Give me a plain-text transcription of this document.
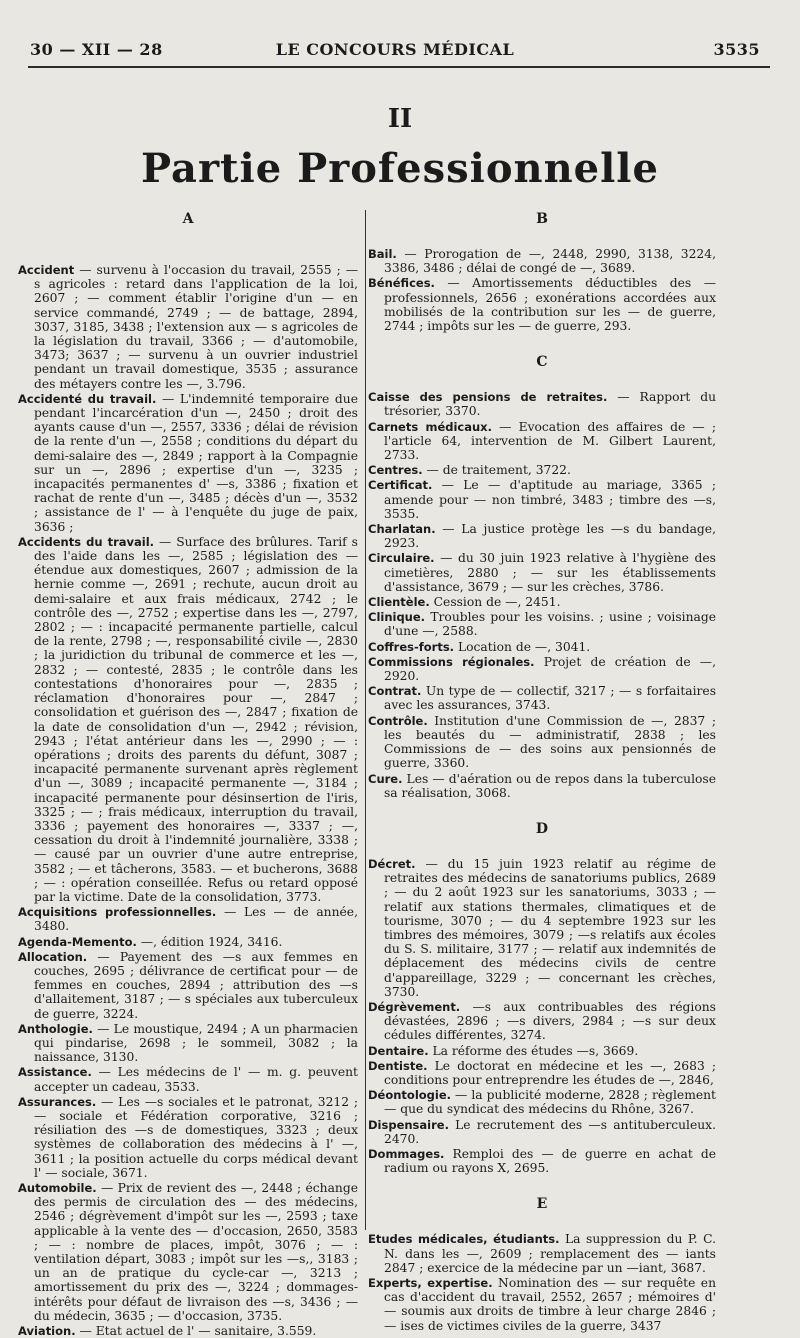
30 — XII — 28	LE CONCOURS MÉDICAL	3535
II
Partie Professionnelle
A

Accident — survenu à l'occasion du travail, 2555 ; — s agricoles : retard dans l'application de la loi, 2607 ; — comment établir l'origine d'un — en service commandé, 2749 ; — de battage, 2894, 3037, 3185, 3438 ; l'extension aux — s agricoles de la législation du travail, 3366 ; — d'automobile, 3473; 3637 ; — survenu à un ouvrier industriel pendant un travail domestique, 3535 ; assurance des métayers contre les —, 3.796.

Accidenté du travail. — L'indemnité temporaire due pendant l'incarcération d'un —, 2450 ; droit des ayants cause d'un —, 2557, 3336 ; délai de révision de la rente d'un —, 2558 ; conditions du départ du demi-salaire des —, 2849 ; rapport à la Compagnie sur un —, 2896 ; expertise d'un —, 3235 ; incapacités permanentes d' —s, 3386 ; fixation et rachat de rente d'un —, 3485 ; décès d'un —, 3532 ; assistance de l' — à l'enquête du juge de paix, 3636 ;

Accidents du travail. — Surface des brûlures. Tarif s des l'aide dans les —, 2585 ; législation des — étendue aux domestiques, 2607 ; admission de la hernie comme —, 2691 ; rechute, aucun droit au demi-salaire et aux frais médicaux, 2742 ; le contrôle des —, 2752 ; expertise dans les —, 2797, 2802 ; — : incapacité permanente partielle, calcul de la rente, 2798 ; —, responsabilité civile —, 2830 ; la juridiction du tribunal de commerce et les —, 2832 ; — contesté, 2835 ; le contrôle dans les contestations d'honoraires pour —, 2835 ; réclamation d'honoraires pour —, 2847 ; consolidation et guérison des —, 2847 ; fixation de la date de consolidation d'un —, 2942 ; révision, 2943 ; l'état antérieur dans les —, 2990 ; — : opérations ; droits des parents du défunt, 3087 ; incapacité permanente survenant après règlement d'un —, 3089 ; incapacité permanente —, 3184 ; incapacité permanente pour désinsertion de l'iris, 3325 ; — ; frais médicaux, interruption du travail, 3336 ; payement des honoraires —, 3337 ; —, cessation du droit à l'indemnité journalière, 3338 ; — causé par un ouvrier d'une autre entreprise, 3582 ; — et tâcherons, 3583. — et bucherons, 3688 ; — : opération conseillée. Refus ou retard opposé par la victime. Date de la consolidation, 3773.

Acquisitions professionnelles. — Les — de année, 3480.

Agenda-Memento. —, édition 1924, 3416.

Allocation. — Payement des —s aux femmes en couches, 2695 ; délivrance de certificat pour — de femmes en couches, 2894 ; attribution des —s d'allaitement, 3187 ; — s spéciales aux tuberculeux de guerre, 3224.

Anthologie. — Le moustique, 2494 ; A un pharmacien qui pindarise, 2698 ; le sommeil, 3082 ; la naissance, 3130.

Assistance. — Les médecins de l' — m. g. peuvent accepter un cadeau, 3533.

Assurances. — Les —s sociales et le patronat, 3212 ; — sociale et Fédération corporative, 3216 ; résiliation des —s de domestiques, 3323 ; deux systèmes de collaboration des médecins à l' —, 3611 ; la position actuelle du corps médical devant l' — sociale, 3671.

Automobile. — Prix de revient des —, 2448 ; échange des permis de circulation des — des médecins, 2546 ; dégrèvement d'impôt sur les —, 2593 ; taxe applicable à la vente des — d'occasion, 2650, 3583 ; — : nombre de places, impôt, 3076 ; — : ventilation départ, 3083 ; impôt sur les —s,, 3183 ; un an de pratique du cycle-car —, 3213 ; amortissement du prix des —, 3224 ; dommages-intérêts pour défaut de livraison des —s, 3436 ; — du médecin, 3635 ; — d'occasion, 3735.

Aviation. — Etat actuel de l' — sanitaire, 3.559.

B

Bail. — Prorogation de —, 2448, 2990, 3138, 3224, 3386, 3486 ; délai de congé de —, 3689.

Bénéfices. — Amortissements déductibles des — professionnels, 2656 ; exonérations accordées aux mobilisés de la contribution sur les — de guerre, 2744 ; impôts sur les — de guerre, 293.

C

Caisse des pensions de retraites. — Rapport du trésorier, 3370.

Carnets médicaux. — Evocation des affaires de — ; l'article 64, intervention de M. Gilbert Laurent, 2733.

Centres. — de traitement, 3722.

Certificat. — Le — d'aptitude au mariage, 3365 ; amende pour — non timbré, 3483 ; timbre des —s, 3535.

Charlatan. — La justice protège les —s du bandage, 2923.

Circulaire. — du 30 juin 1923 relative à l'hygiène des cimetières, 2880 ; — sur les établissements d'assistance, 3679 ; — sur les crèches, 3786.

Clientèle. Cession de —, 2451.

Clinique. Troubles pour les voisins. ; usine ; voisinage d'une —, 2588.

Coffres-forts. Location de —, 3041.

Commissions régionales. Projet de création de —, 2920.

Contrat. Un type de — collectif, 3217 ; — s forfaitaires avec les assurances, 3743.

Contrôle. Institution d'une Commission de —, 2837 ; les beautés du — administratif, 2838 ; les Commissions de — des soins aux pensionnés de guerre, 3360.

Cure. Les — d'aération ou de repos dans la tuberculose sa réalisation, 3068.

D

Décret. — du 15 juin 1923 relatif au régime de retraites des médecins de sanatoriums publics, 2689 ; — du 2 août 1923 sur les sanatoriums, 3033 ; — relatif aux stations thermales, climatiques et de tourisme, 3070 ; — du 4 septembre 1923 sur les timbres des mémoires, 3079 ; —s relatifs aux écoles du S. S. militaire, 3177 ; — relatif aux indemnités de déplacement des médecins civils de centre d'appareillage, 3229 ; — concernant les crèches, 3730.

Dégrèvement. —s aux contribuables des régions dévastées, 2896 ; —s divers, 2984 ; —s sur deux cédules différentes, 3274.

Dentaire. La réforme des études —s, 3669.

Dentiste. Le doctorat en médecine et les —, 2683 ; conditions pour entreprendre les études de —, 2846,

Déontologie. — la publicité moderne, 2828 ; règlement — que du syndicat des médecins du Rhône, 3267.

Dispensaire. Le recrutement des —s antituberculeux. 2470.

Dommages. Remploi des — de guerre en achat de radium ou rayons X, 2695.

E

Etudes médicales, étudiants. La suppression du P. C. N. dans les —, 2609 ; remplacement des — iants 2847 ; exercice de la médecine par un —iant, 3687.

Experts, expertise. Nomination des — sur requête en cas d'accident du travail, 2552, 2657 ; mémoires d' — soumis aux droits de timbre à leur charge 2846 ; — ises de victimes civiles de la guerre, 3437
